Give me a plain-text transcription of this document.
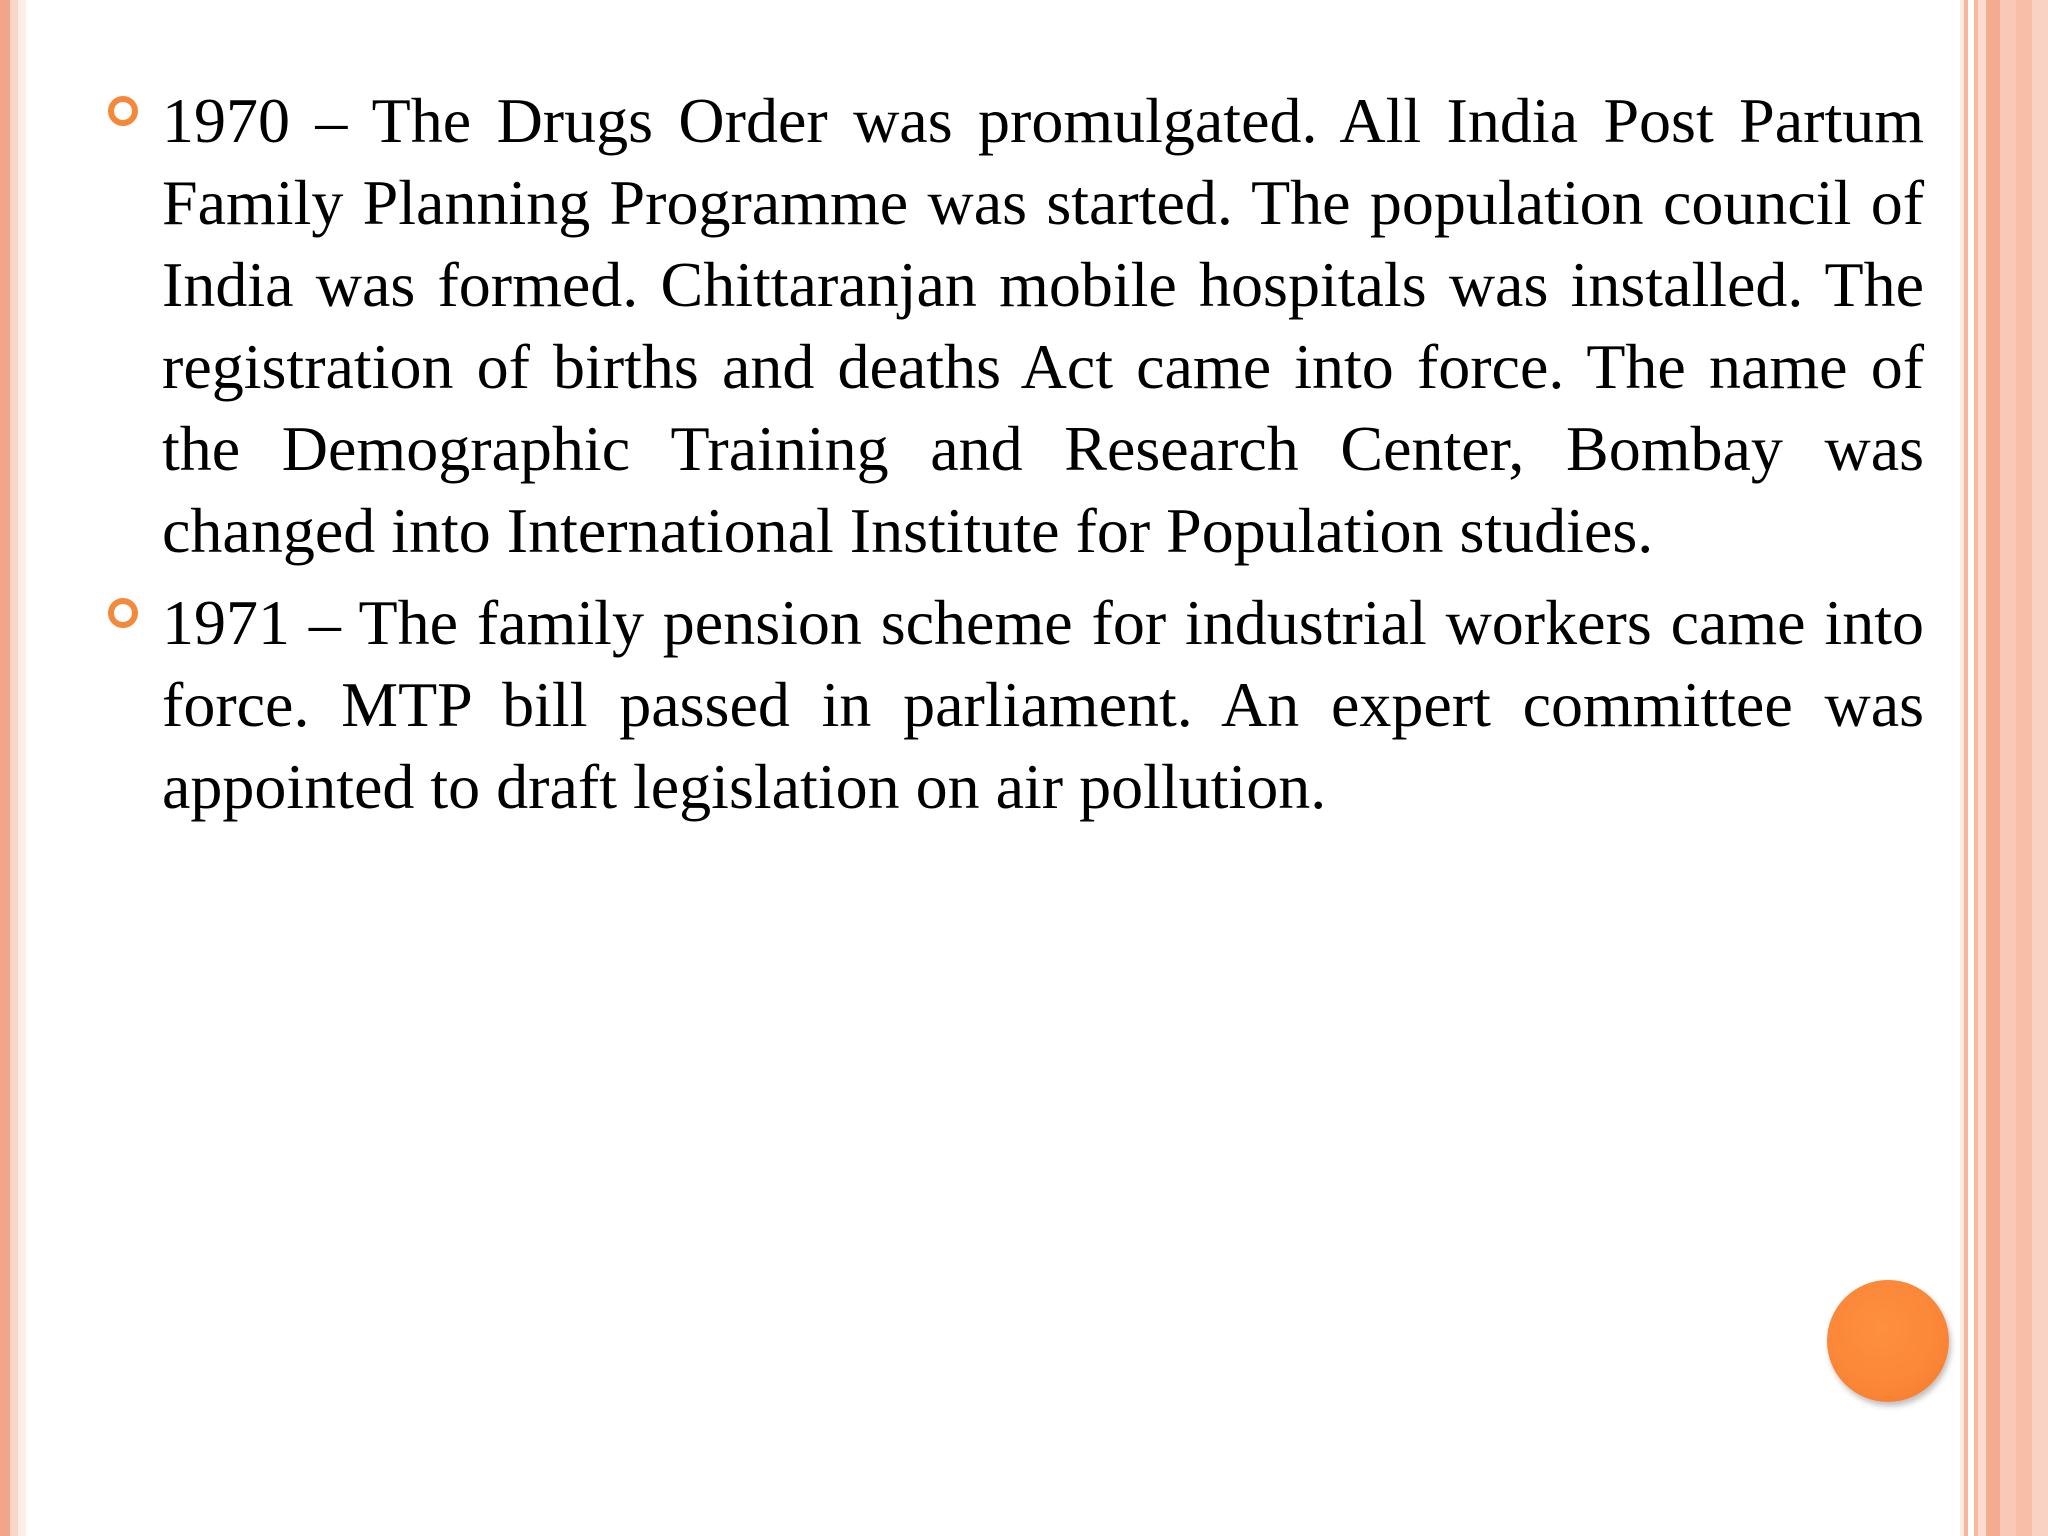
1970 – The Drugs Order was promulgated. All India Post Partum Family Planning Programme was started. The population council of India was formed. Chittaranjan mobile hospitals was installed. The registration of births and deaths Act came into force. The name of the Demographic Training and Research Center, Bombay was changed into International Institute for Population studies.
1971 – The family pension scheme for industrial workers came into force. MTP bill passed in parliament. An expert committee was appointed to draft legislation on air pollution.
